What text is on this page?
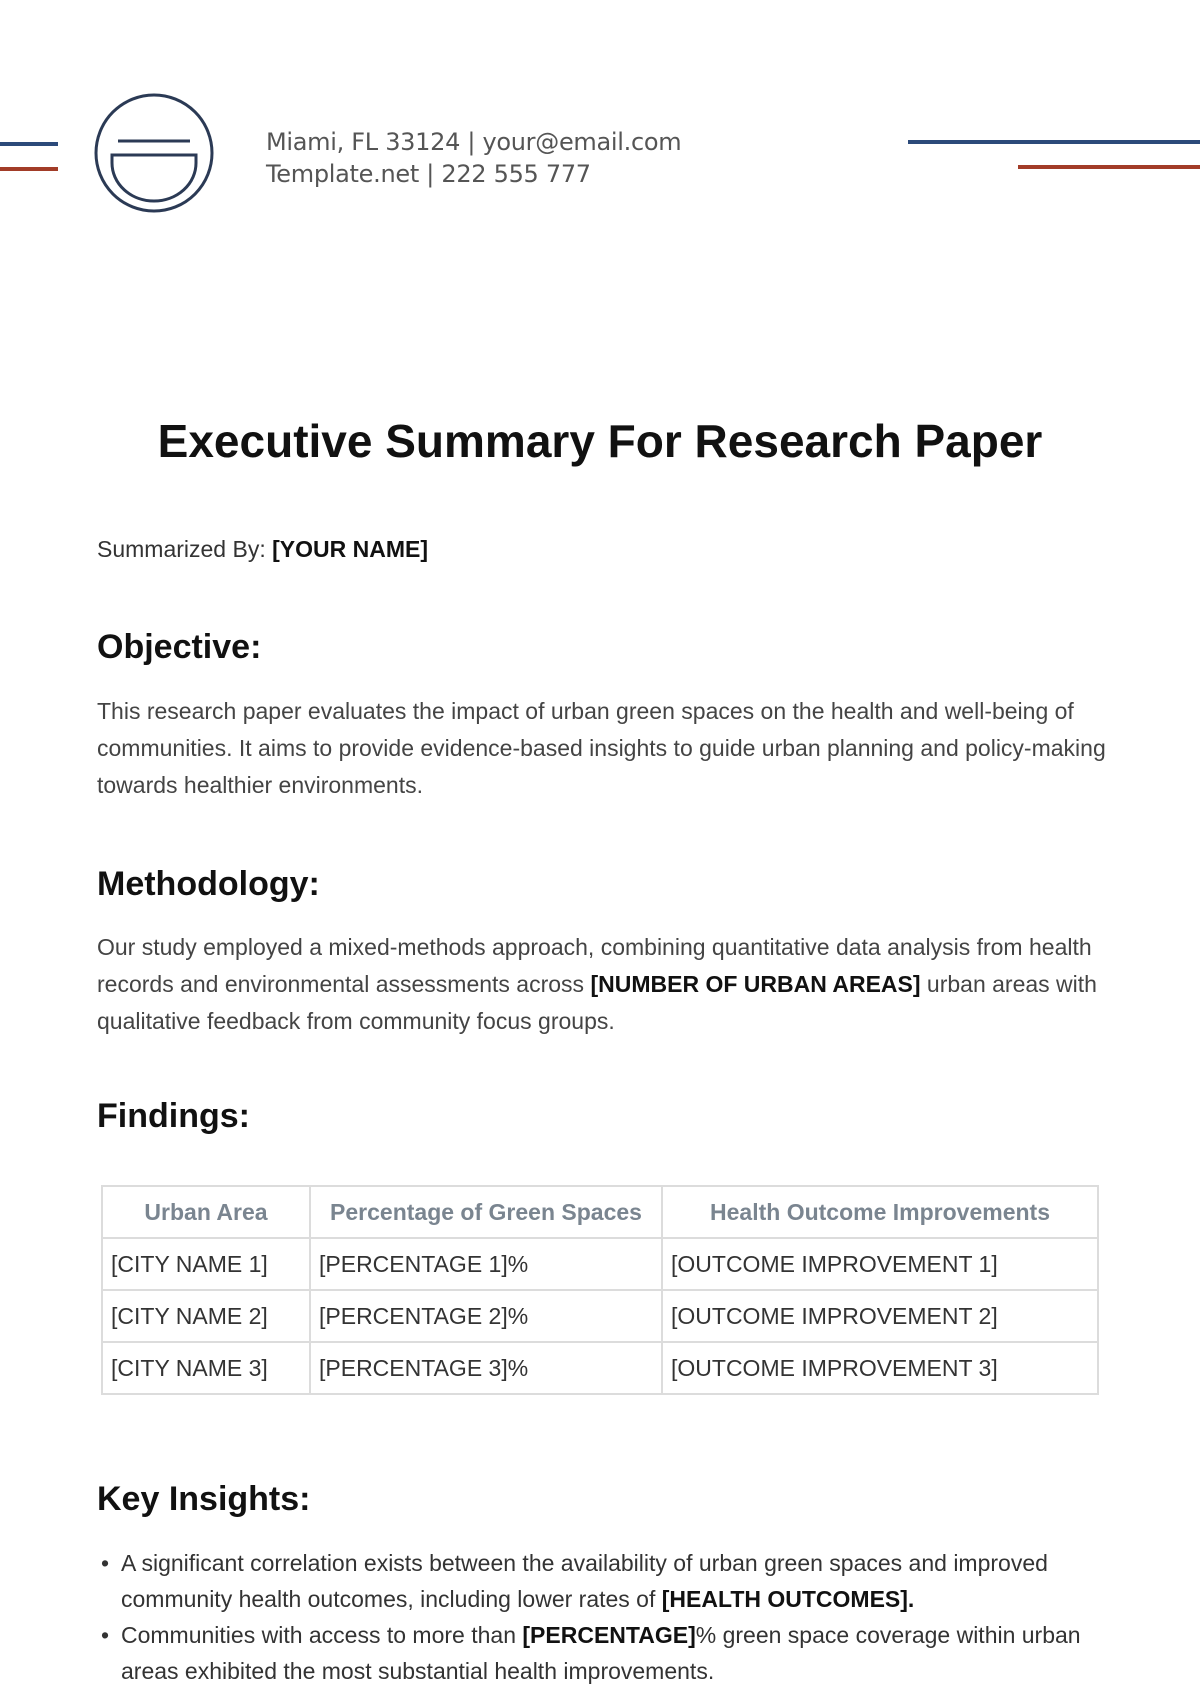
Miami, FL 33124 | your@email.com
Template.net | 222 555 777
Executive Summary For Research Paper
Summarized By: [YOUR NAME]
Objective:
This research paper evaluates the impact of urban green spaces on the health and well-being of communities. It aims to provide evidence-based insights to guide urban planning and policy-making towards healthier environments.
Methodology:
Our study employed a mixed-methods approach, combining quantitative data analysis from health records and environmental assessments across [NUMBER OF URBAN AREAS] urban areas with qualitative feedback from community focus groups.
Findings:
Urban Area	Percentage of Green Spaces	Health Outcome Improvements
[CITY NAME 1]	[PERCENTAGE 1]%	[OUTCOME IMPROVEMENT 1]
[CITY NAME 2]	[PERCENTAGE 2]%	[OUTCOME IMPROVEMENT 2]
[CITY NAME 3]	[PERCENTAGE 3]%	[OUTCOME IMPROVEMENT 3]
Key Insights:
• A significant correlation exists between the availability of urban green spaces and improved community health outcomes, including lower rates of [HEALTH OUTCOMES].
• Communities with access to more than [PERCENTAGE]% green space coverage within urban areas exhibited the most substantial health improvements.
